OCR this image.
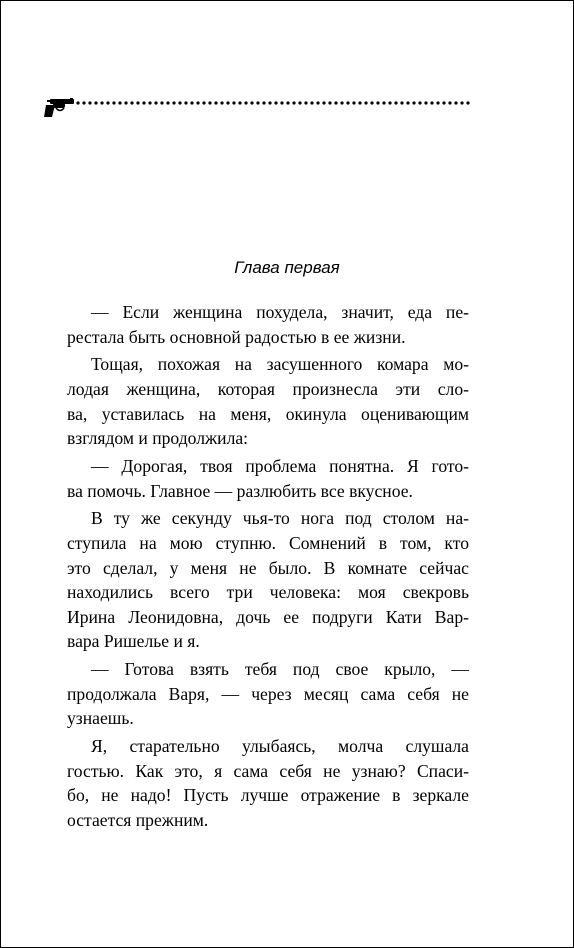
Глава первая
— Если женщина похудела, значит, еда пе-
рестала быть основной радостью в ее жизни.
Тощая, похожая на засушенного комара мо-
лодая женщина, которая произнесла эти сло-
ва, уставилась на меня, окинула оценивающим
взглядом и продолжила:
— Дорогая, твоя проблема понятна. Я гото-
ва помочь. Главное — разлюбить все вкусное.
В ту же секунду чья-то нога под столом на-
ступила на мою ступню. Сомнений в том, кто
это сделал, у меня не было. В комнате сейчас
находились всего три человека: моя свекровь
Ирина Леонидовна, дочь ее подруги Кати Вар-
вара Ришелье и я.
— Готова взять тебя под свое крыло, —
продолжала Варя, — через месяц сама себя не
узнаешь.
Я, старательно улыбаясь, молча слушала
гостью. Как это, я сама себя не узнаю? Спаси-
бо, не надо! Пусть лучше отражение в зеркале
остается прежним.
